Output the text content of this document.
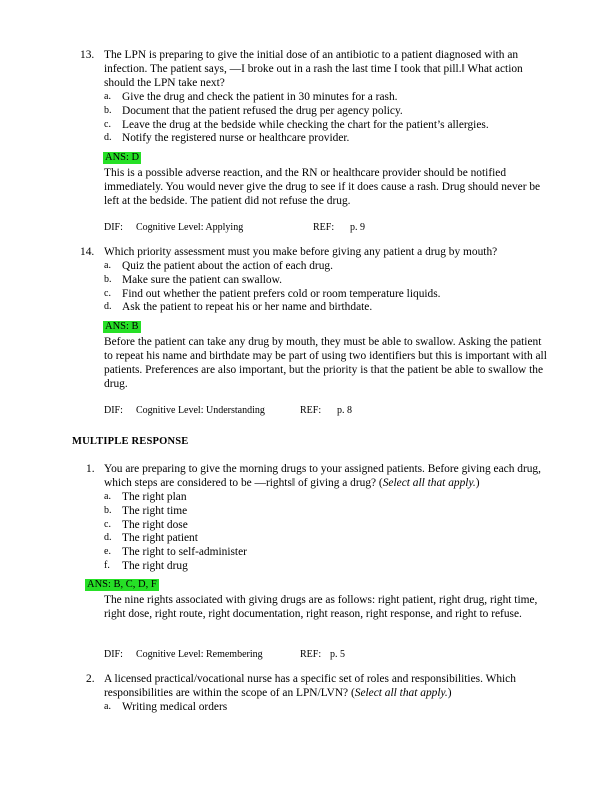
13. The LPN is preparing to give the initial dose of an antibiotic to a patient diagnosed with an infection. The patient says, —I broke out in a rash the last time I took that pill.‖ What action should the LPN take next?
a. Give the drug and check the patient in 30 minutes for a rash.
b. Document that the patient refused the drug per agency policy.
c. Leave the drug at the bedside while checking the chart for the patient’s allergies.
d. Notify the registered nurse or healthcare provider.
ANS: D
This is a possible adverse reaction, and the RN or healthcare provider should be notified immediately. You would never give the drug to see if it does cause a rash. Drug should never be left at the bedside. The patient did not refuse the drug.
DIF: Cognitive Level: Applying	REF: p. 9
14. Which priority assessment must you make before giving any patient a drug by mouth?
a. Quiz the patient about the action of each drug.
b. Make sure the patient can swallow.
c. Find out whether the patient prefers cold or room temperature liquids.
d. Ask the patient to repeat his or her name and birthdate.
ANS: B
Before the patient can take any drug by mouth, they must be able to swallow. Asking the patient to repeat his name and birthdate may be part of using two identifiers but this is important with all patients. Preferences are also important, but the priority is that the patient be able to swallow the drug.
DIF: Cognitive Level: Understanding	REF: p. 8
MULTIPLE RESPONSE
1. You are preparing to give the morning drugs to your assigned patients. Before giving each drug, which steps are considered to be —rights‖ of giving a drug? (Select all that apply.)
a. The right plan
b. The right time
c. The right dose
d. The right patient
e. The right to self-administer
f. The right drug
ANS: B, C, D, F
The nine rights associated with giving drugs are as follows: right patient, right drug, right time, right dose, right route, right documentation, right reason, right response, and right to refuse.
DIF: Cognitive Level: Remembering	REF: p. 5
2. A licensed practical/vocational nurse has a specific set of roles and responsibilities. Which responsibilities are within the scope of an LPN/LVN? (Select all that apply.)
a. Writing medical orders
